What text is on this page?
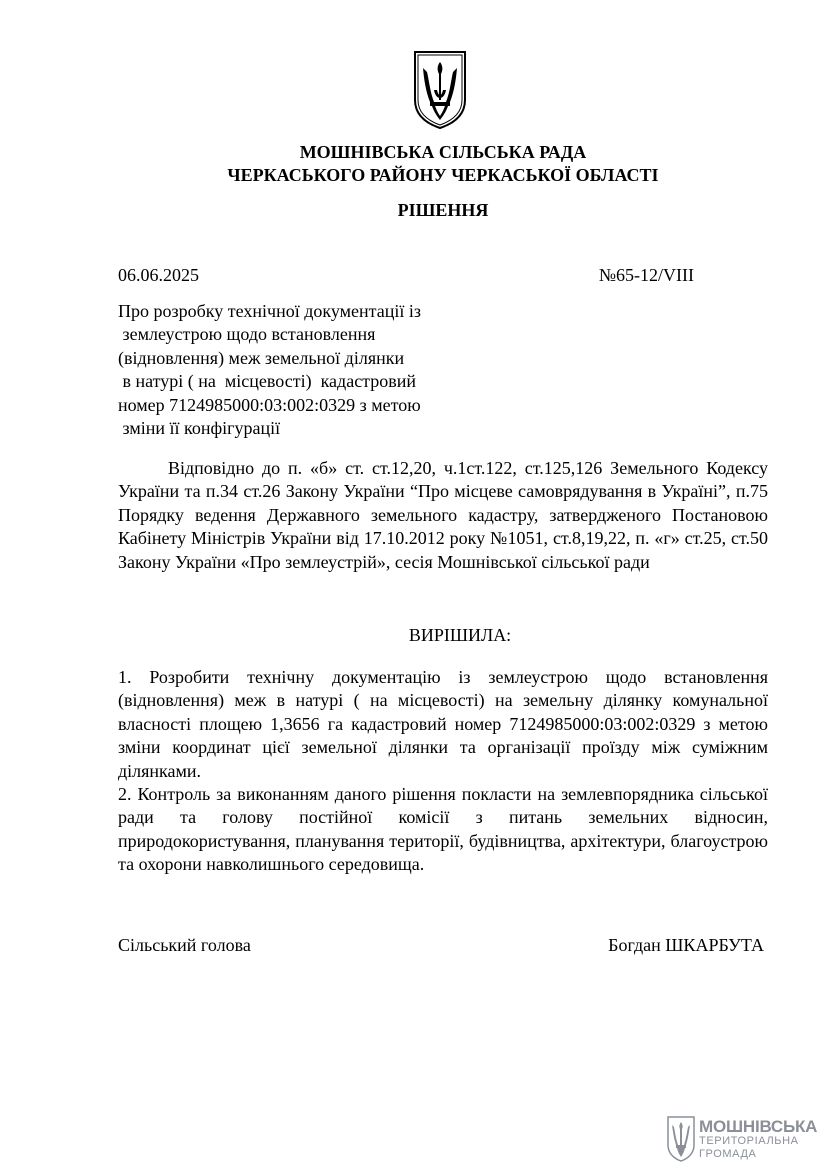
МОШНІВСЬКА СІЛЬСЬКА РАДА
ЧЕРКАСЬКОГО РАЙОНУ ЧЕРКАСЬКОЇ ОБЛАСТІ
РІШЕННЯ
06.06.2025	№65-12/VIII
Про розробку технічної документації із
землеустрою щодо встановлення
(відновлення) меж земельної ділянки
в натурі ( на  місцевості)  кадастровий
номер 7124985000:03:002:0329 з метою
зміни її конфігурації
Відповідно до п. «б» ст. ст.12,20, ч.1ст.122, ст.125,126 Земельного Кодексу України та п.34 ст.26 Закону України “Про місцеве самоврядування в Україні”, п.75 Порядку ведення Державного земельного кадастру, затвердженого Постановою Кабінету Міністрів України від 17.10.2012 року №1051, ст.8,19,22, п. «г» ст.25, ст.50 Закону України «Про землеустрій», сесія Мошнівської сільської ради
ВИРІШИЛА:

1. Розробити технічну документацію із землеустрою щодо встановлення (відновлення) меж в натурі ( на місцевості) на земельну ділянку комунальної власності площею 1,3656 га кадастровий номер 7124985000:03:002:0329 з метою зміни координат цієї земельної ділянки та організації проїзду між суміжним ділянками.

2. Контроль за виконанням даного рішення покласти на землевпорядника сільської ради та голову постійної комісії з питань земельних відносин, природокористування, планування території, будівництва, архітектури, благоустрою та охорони навколишнього середовища.

Сільський голова	Богдан ШКАРБУТА
МОШНІВСЬКА
ТЕРИТОРІАЛЬНА
ГРОМАДА
